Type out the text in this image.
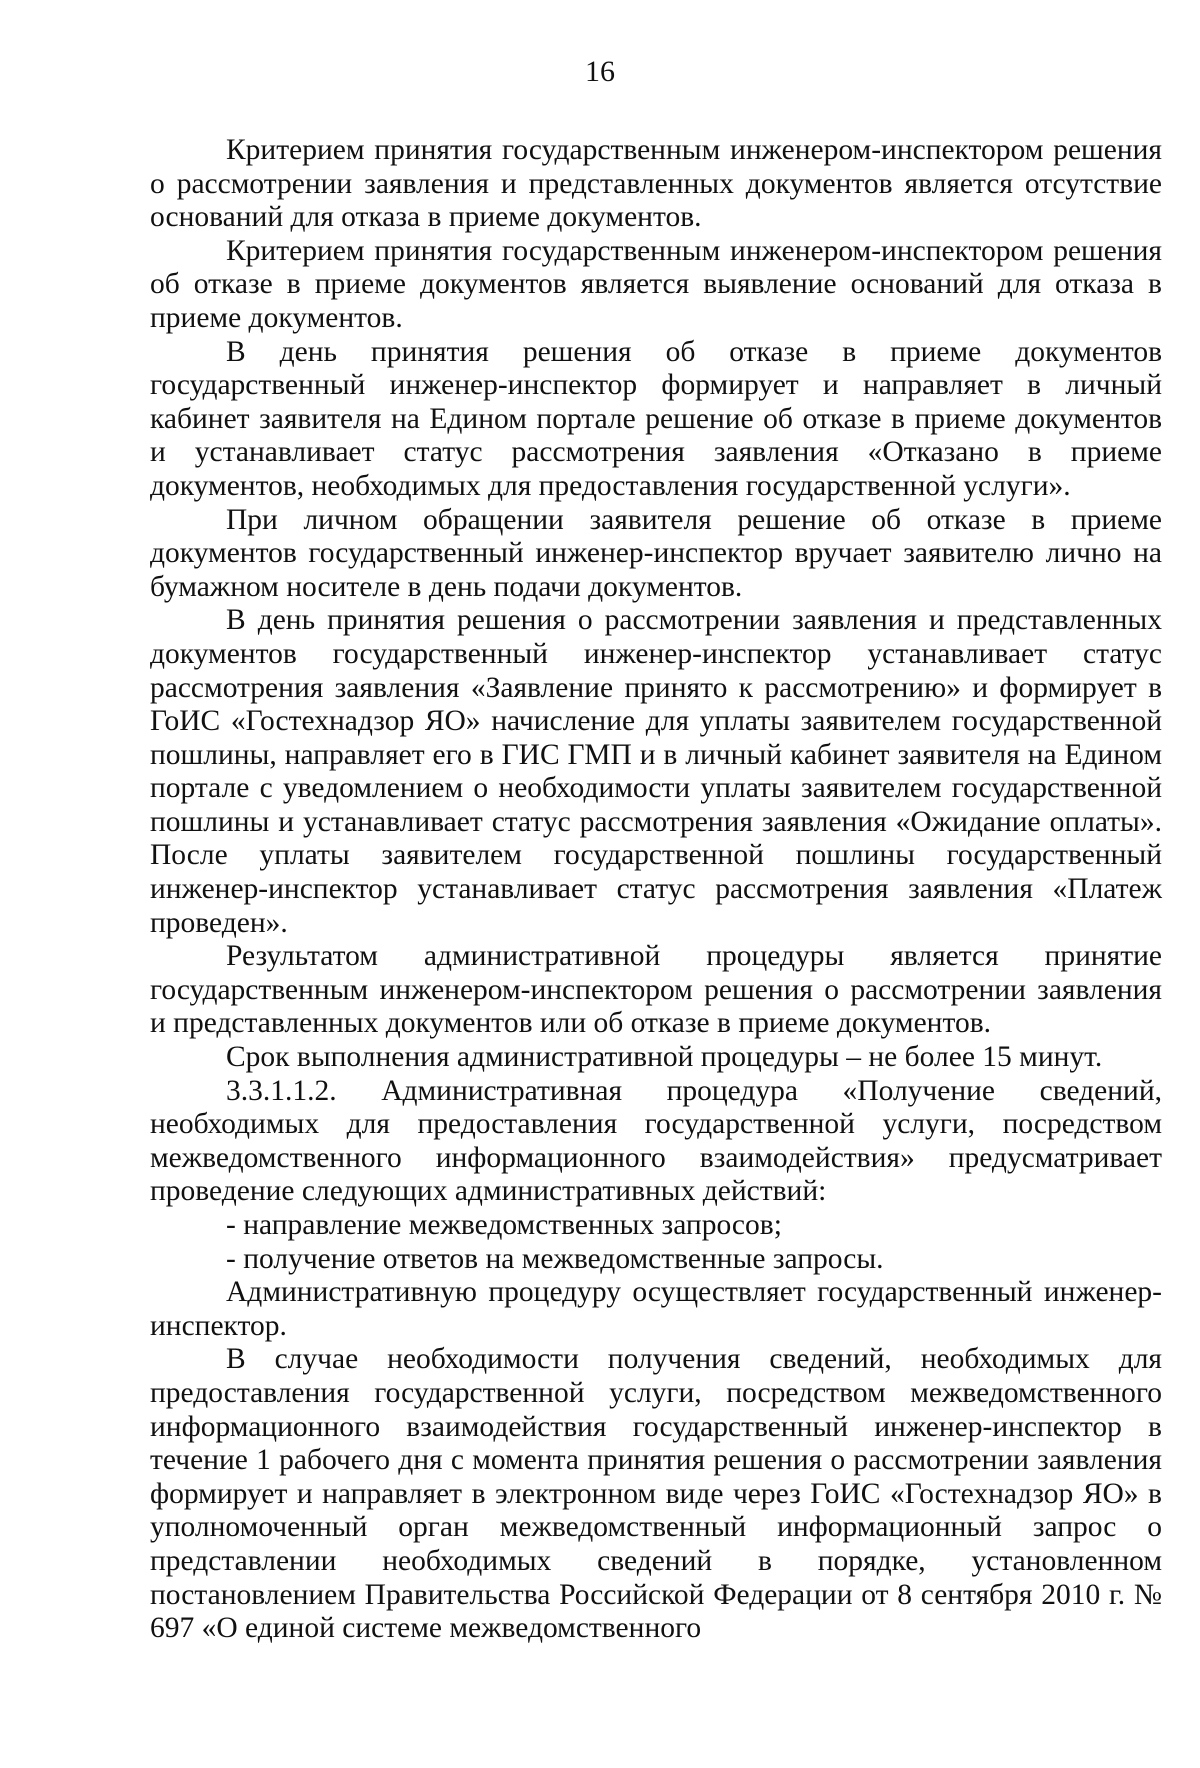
16

Критерием принятия государственным инженером-инспектором решения о рассмотрении заявления и представленных документов является отсутствие оснований для отказа в приеме документов.

Критерием принятия государственным инженером-инспектором решения об отказе в приеме документов является выявление оснований для отказа в приеме документов.

В день принятия решения об отказе в приеме документов государственный инженер-инспектор формирует и направляет в личный кабинет заявителя на Едином портале решение об отказе в приеме документов и устанавливает статус рассмотрения заявления «Отказано в приеме документов, необходимых для предоставления государственной услуги».

При личном обращении заявителя решение об отказе в приеме документов государственный инженер-инспектор вручает заявителю лично на бумажном носителе в день подачи документов.

В день принятия решения о рассмотрении заявления и представленных документов государственный инженер-инспектор устанавливает статус рассмотрения заявления «Заявление принято к рассмотрению» и формирует в ГоИС «Гостехнадзор ЯО» начисление для уплаты заявителем государственной пошлины, направляет его в ГИС ГМП и в личный кабинет заявителя на Едином портале с уведомлением о необходимости уплаты заявителем государственной пошлины и устанавливает статус рассмотрения заявления «Ожидание оплаты». После уплаты заявителем государственной пошлины государственный инженер-инспектор устанавливает статус рассмотрения заявления «Платеж проведен».

Результатом административной процедуры является принятие государственным инженером-инспектором решения о рассмотрении заявления и представленных документов или об отказе в приеме документов.

Срок выполнения административной процедуры – не более 15 минут.

3.3.1.1.2. Административная процедура «Получение сведений, необходимых для предоставления государственной услуги, посредством межведомственного информационного взаимодействия» предусматривает проведение следующих административных действий:

- направление межведомственных запросов;

- получение ответов на межведомственные запросы.

Административную процедуру осуществляет государственный инженер-инспектор.

В случае необходимости получения сведений, необходимых для предоставления государственной услуги, посредством межведомственного информационного взаимодействия государственный инженер-инспектор в течение 1 рабочего дня с момента принятия решения о рассмотрении заявления формирует и направляет в электронном виде через ГоИС «Гостехнадзор ЯО» в уполномоченный орган межведомственный информационный запрос о представлении необходимых сведений в порядке, установленном постановлением Правительства Российской Федерации от 8 сентября 2010 г. № 697 «О единой системе межведомственного
